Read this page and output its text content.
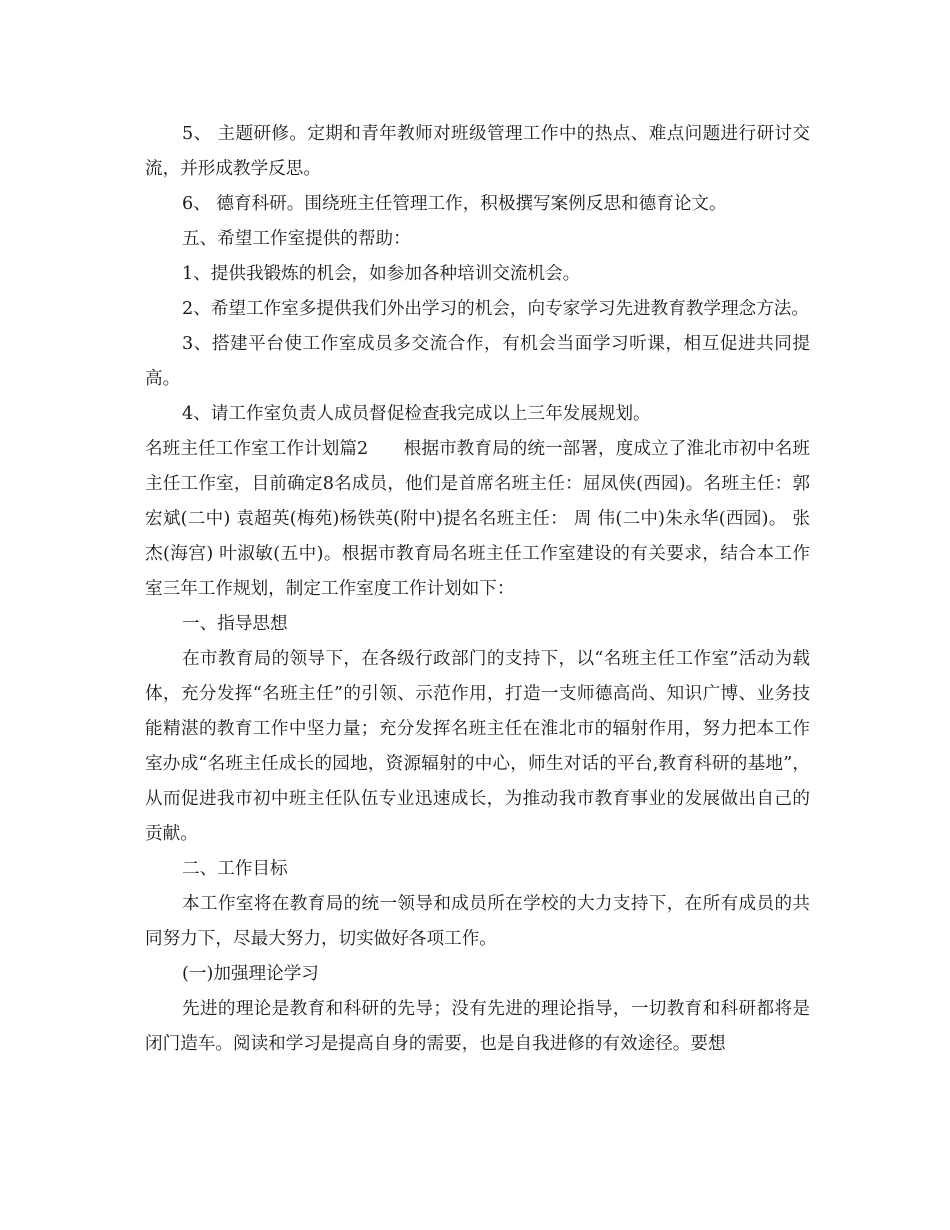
5、 主题研修。定期和青年教师对班级管理工作中的热点、难点问题进行研讨交流，并形成教学反思。

6、 德育科研。围绕班主任管理工作，积极撰写案例反思和德育论文。

五、希望工作室提供的帮助：

1、提供我锻炼的机会，如参加各种培训交流机会。

2、希望工作室多提供我们外出学习的机会，向专家学习先进教育教学理念方法。

3、搭建平台使工作室成员多交流合作，有机会当面学习听课，相互促进共同提高。

4、请工作室负责人成员督促检查我完成以上三年发展规划。

名班主任工作室工作计划篇2　　根据市教育局的统一部署，度成立了淮北市初中名班主任工作室，目前确定8名成员，他们是首席名班主任：屈凤侠(西园)。名班主任：郭宏斌(二中) 袁超英(梅苑)杨铁英(附中)提名名班主任： 周 伟(二中)朱永华(西园)。 张 杰(海宫) 叶淑敏(五中)。根据市教育局名班主任工作室建设的有关要求，结合本工作室三年工作规划，制定工作室度工作计划如下：

一、指导思想

在市教育局的领导下，在各级行政部门的支持下，以“名班主任工作室”活动为载体，充分发挥“名班主任”的引领、示范作用，打造一支师德高尚、知识广博、业务技能精湛的教育工作中坚力量；充分发挥名班主任在淮北市的辐射作用，努力把本工作室办成“名班主任成长的园地，资源辐射的中心，师生对话的平台,教育科研的基地”，从而促进我市初中班主任队伍专业迅速成长，为推动我市教育事业的发展做出自己的贡献。

二、工作目标

本工作室将在教育局的统一领导和成员所在学校的大力支持下，在所有成员的共同努力下，尽最大努力，切实做好各项工作。

(一)加强理论学习

先进的理论是教育和科研的先导；没有先进的理论指导，一切教育和科研都将是闭门造车。阅读和学习是提高自身的需要，也是自我进修的有效途径。要想
